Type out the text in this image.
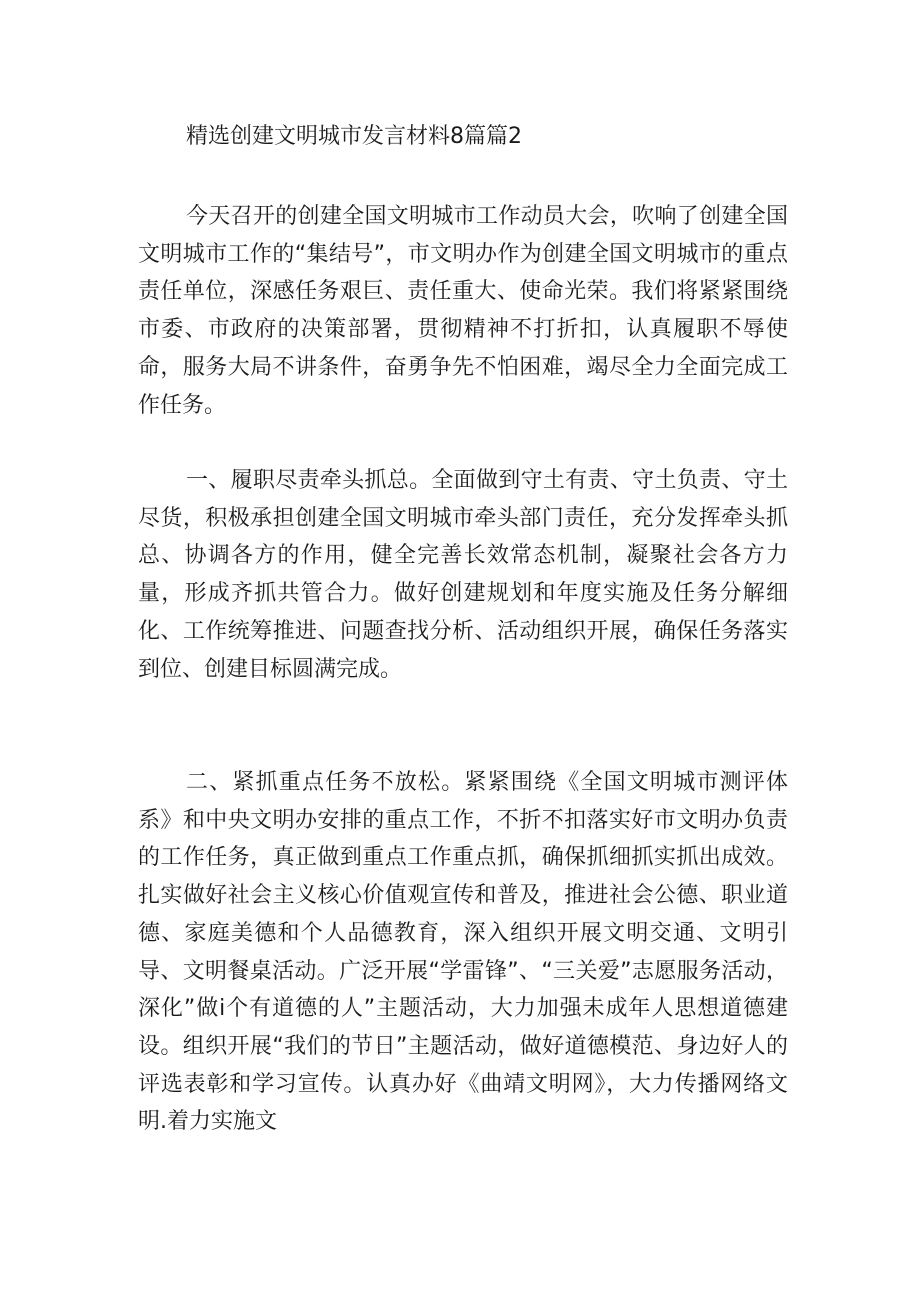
精选创建文明城市发言材料8篇篇2

今天召开的创建全国文明城市工作动员大会，吹响了创建全国文明城市工作的“集结号”，市文明办作为创建全国文明城市的重点责任单位，深感任务艰巨、责任重大、使命光荣。我们将紧紧围绕市委、市政府的决策部署，贯彻精神不打折扣，认真履职不辱使命，服务大局不讲条件，奋勇争先不怕困难，竭尽全力全面完成工作任务。

一、履职尽责牵头抓总。全面做到守土有责、守土负责、守土尽货，积极承担创建全国文明城市牵头部门责任，充分发挥牵头抓总、协调各方的作用，健全完善长效常态机制，凝聚社会各方力量，形成齐抓共管合力。做好创建规划和年度实施及任务分解细化、工作统筹推进、问题查找分析、活动组织开展，确保任务落实到位、创建目标圆满完成。

二、紧抓重点任务不放松。紧紧围绕《全国文明城市测评体系》和中央文明办安排的重点工作，不折不扣落实好市文明办负责的工作任务，真正做到重点工作重点抓，确保抓细抓实抓出成效。扎实做好社会主义核心价值观宣传和普及，推进社会公德、职业道德、家庭美德和个人品德教育，深入组织开展文明交通、文明引导、文明餐桌活动。广泛开展“学雷锋”、“三关爱”志愿服务活动，深化”做i个有道德的人”主题活动，大力加强未成年人思想道德建设。组织开展“我们的节日”主题活动，做好道德模范、身边好人的评选表彰和学习宣传。认真办好《曲靖文明网》，大力传播网络文明.着力实施文
